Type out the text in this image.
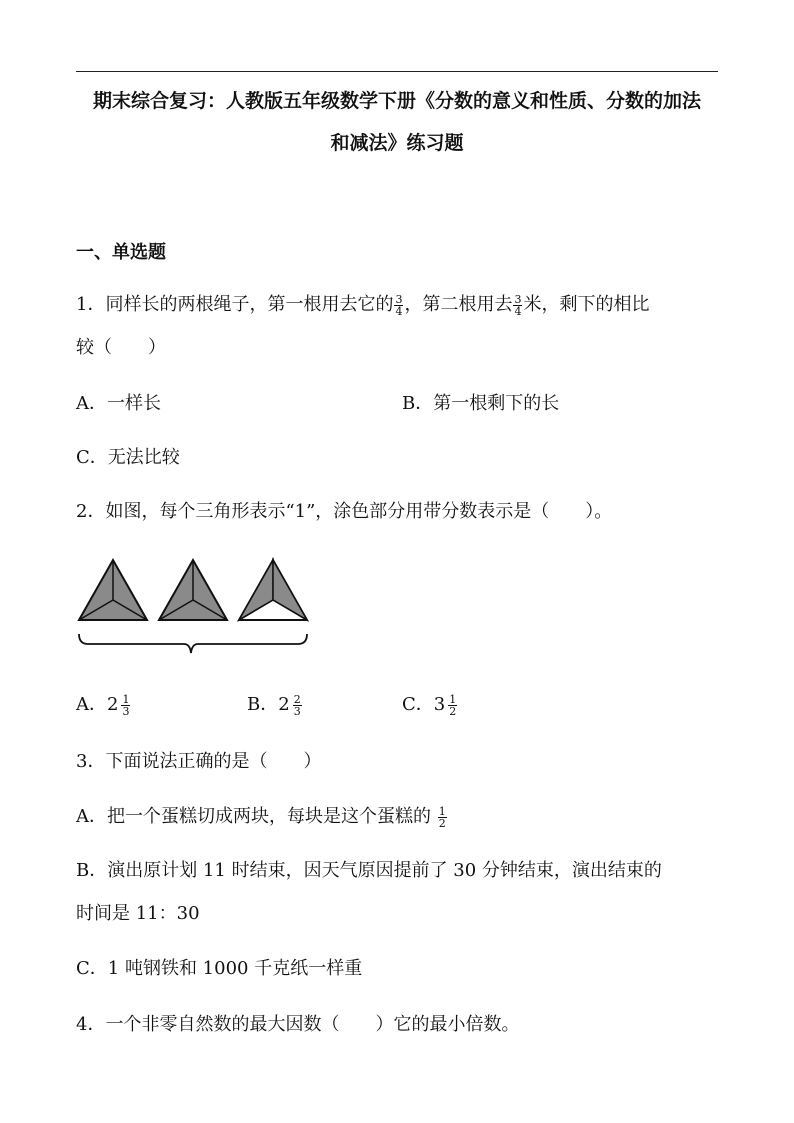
期末综合复习：人教版五年级数学下册《分数的意义和性质、分数的加法
和减法》练习题
一、单选题
1．同样长的两根绳子，第一根用去它的 $\frac{3}{4}$ ，第二根用去 $\frac{3}{4}$ 米，剩下的相比
较（　　）
A．一样长	B．第一根剩下的长
C．无法比较
2．如图，每个三角形表示“1”，涂色部分用带分数表示是（　　）。
A．$2 \frac{1}{3}$	B．$2 \frac{2}{3}$	C．$3 \frac{1}{2}$
3．下面说法正确的是（　　）
A．把一个蛋糕切成两块，每块是这个蛋糕的 $\frac{1}{2}$
B．演出原计划 11 时结束，因天气原因提前了 30 分钟结束，演出结束的
时间是 11：30
C．1 吨钢铁和 1000 千克纸一样重
4．一个非零自然数的最大因数（　　）它的最小倍数。
